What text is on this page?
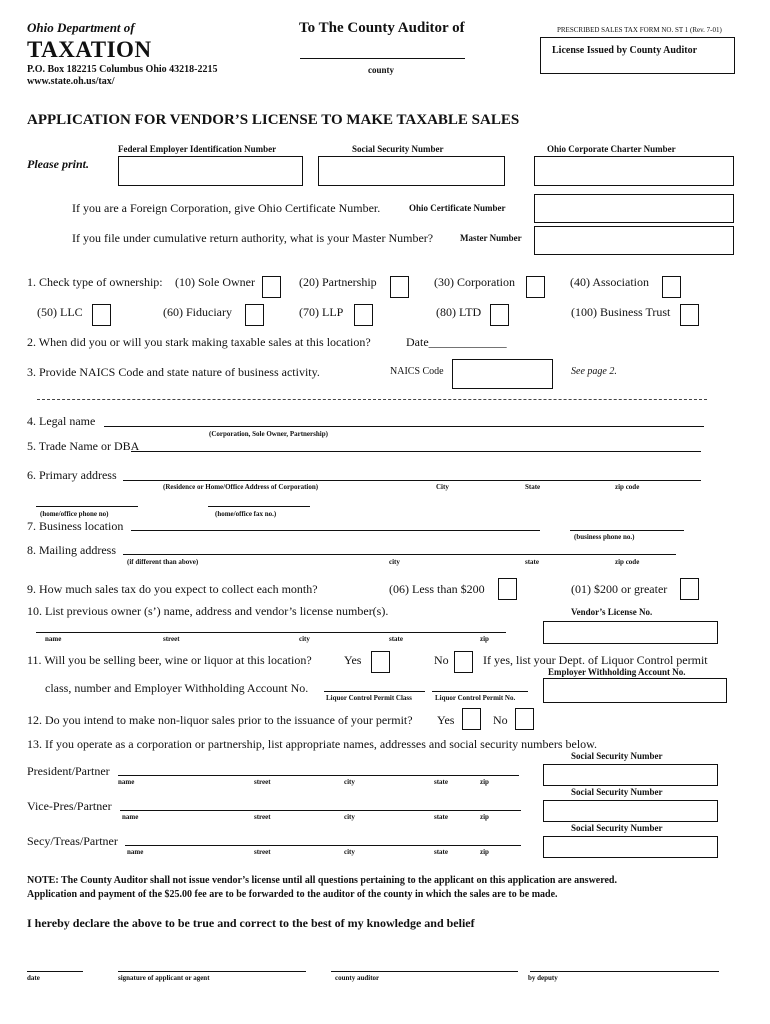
Ohio Department of
TAXATION
P.O. Box 182215 Columbus Ohio 43218-2215
www.state.oh.us/tax/
To The County Auditor of
county
PRESCRIBED SALES TAX FORM NO. ST 1 (Rev. 7-01)
License Issued by County Auditor
APPLICATION FOR VENDOR’S LICENSE TO MAKE TAXABLE SALES
Please print.
Federal Employer Identification Number	Social Security Number	Ohio Corporate Charter Number
If you are a Foreign Corporation, give Ohio Certificate Number.	Ohio Certificate Number
If you file under cumulative return authority, what is your Master Number?	Master Number
1. Check type of ownership: (10) Sole Owner	(20) Partnership	(30) Corporation	(40) Association
(50) LLC	(60) Fiduciary	(70) LLP	(80) LTD	(100) Business Trust
2. When did you or will you stark making taxable sales at this location?	Date_____________
3. Provide NAICS Code and state nature of business activity.	NAICS Code	See page 2.
4. Legal name
(Corporation, Sole Owner, Partnership)
5. Trade Name or DBA
6. Primary address
(Residence or Home/Office Address of Corporation)	City	State	zip code
(home/office phone no)	(home/office fax no.)
7. Business location
(business phone no.)
8. Mailing address
(if different than above)	city	state	zip code
9. How much sales tax do you expect to collect each month?	(06) Less than $200	(01) $200 or greater
10. List previous owner (s’) name, address and vendor’s license number(s).	Vendor’s License No.
name	street	city	state	zip
11. Will you be selling beer, wine or liquor at this location?	Yes	No	If yes, list your Dept. of Liquor Control permit
Employer Withholding Account No.
class, number and Employer Withholding Account No.
Liquor Control Permit Class	Liquor Control Permit No.
12. Do you intend to make non-liquor sales prior to the issuance of your permit? Yes	No
13. If you operate as a corporation or partnership, list appropriate names, addresses and social security numbers below.
Social Security Number
President/Partner
name	street	city	state	zip
Social Security Number
Vice-Pres/Partner
name	street	city	state	zip
Social Security Number
Secy/Treas/Partner
name	street	city	state	zip
NOTE: The County Auditor shall not issue vendor’s license until all questions pertaining to the applicant on this application are answered.
Application and payment of the $25.00 fee are to be forwarded to the auditor of the county in which the sales are to be made.
I hereby declare the above to be true and correct to the best of my knowledge and belief
date	signature of applicant or agent	county auditor	by deputy
